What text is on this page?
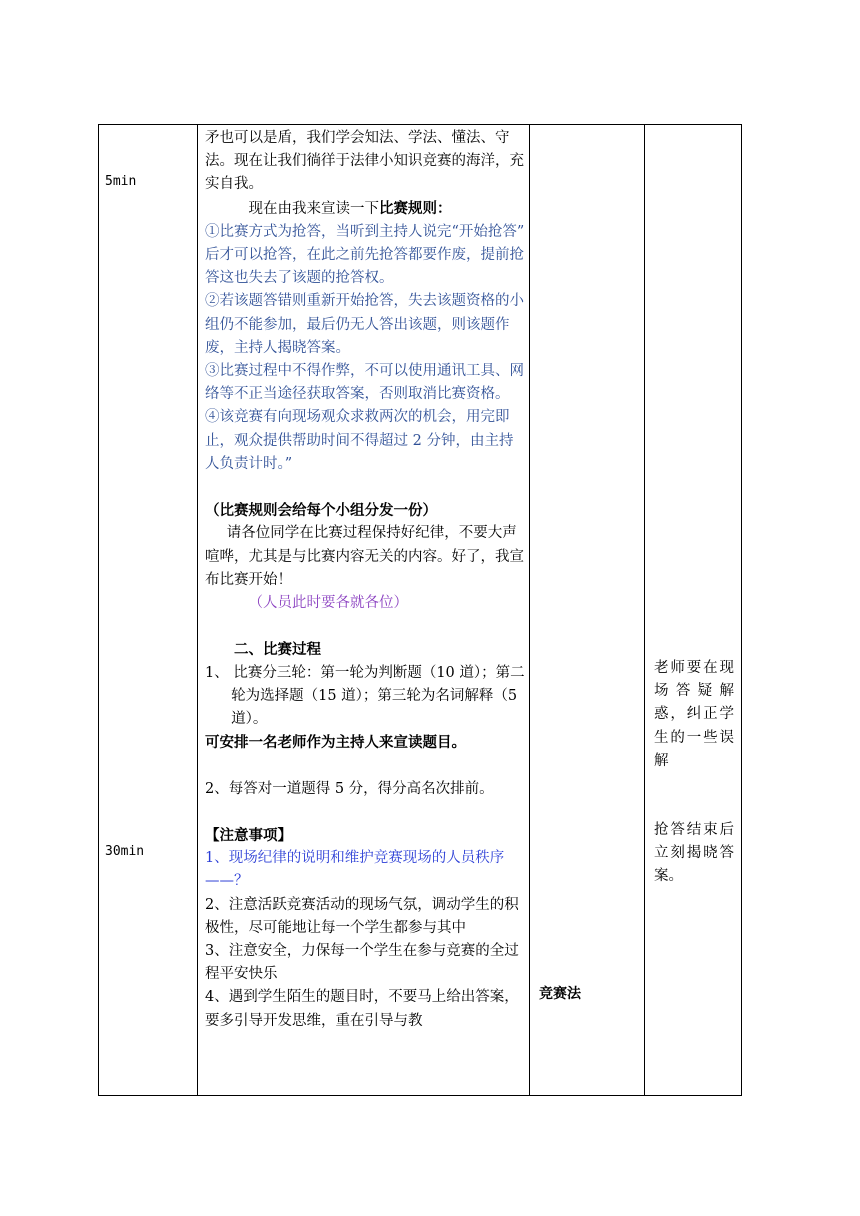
5min
30min

矛也可以是盾，我们学会知法、学法、懂法、守法。现在让我们徜徉于法律小知识竞赛的海洋，充实自我。

现在由我来宣读一下比赛规则：

①比赛方式为抢答，当听到主持人说完“开始抢答” 后才可以抢答，在此之前先抢答都要作废，提前抢答这也失去了该题的抢答权。

②若该题答错则重新开始抢答，失去该题资格的小组仍不能参加，最后仍无人答出该题，则该题作废，主持人揭晓答案。

③比赛过程中不得作弊，不可以使用通讯工具、网络等不正当途径获取答案，否则取消比赛资格。

④该竞赛有向现场观众求救两次的机会，用完即止，观众提供帮助时间不得超过 2 分钟，由主持人负责计时。”

（比赛规则会给每个小组分发一份）

请各位同学在比赛过程保持好纪律，不要大声喧哗，尤其是与比赛内容无关的内容。好了，我宣布比赛开始！

（人员此时要各就各位）

二、比赛过程

1、 比赛分三轮：第一轮为判断题（10 道）；第二轮为选择题（15 道）；第三轮为名词解释（5 道）。

可安排一名老师作为主持人来宣读题目。

2、每答对一道题得 5 分，得分高名次排前。

【注意事项】

1、现场纪律的说明和维护竞赛现场的人员秩序——？

2、注意活跃竞赛活动的现场气氛，调动学生的积极性，尽可能地让每一个学生都参与其中

3、注意安全，力保每一个学生在参与竞赛的全过程平安快乐

4、遇到学生陌生的题目时，不要马上给出答案，要多引导开发思维，重在引导与教

竞赛法
老师要在现场答疑解惑，纠正学生的一些误解
抢答结束后立刻揭晓答案。
